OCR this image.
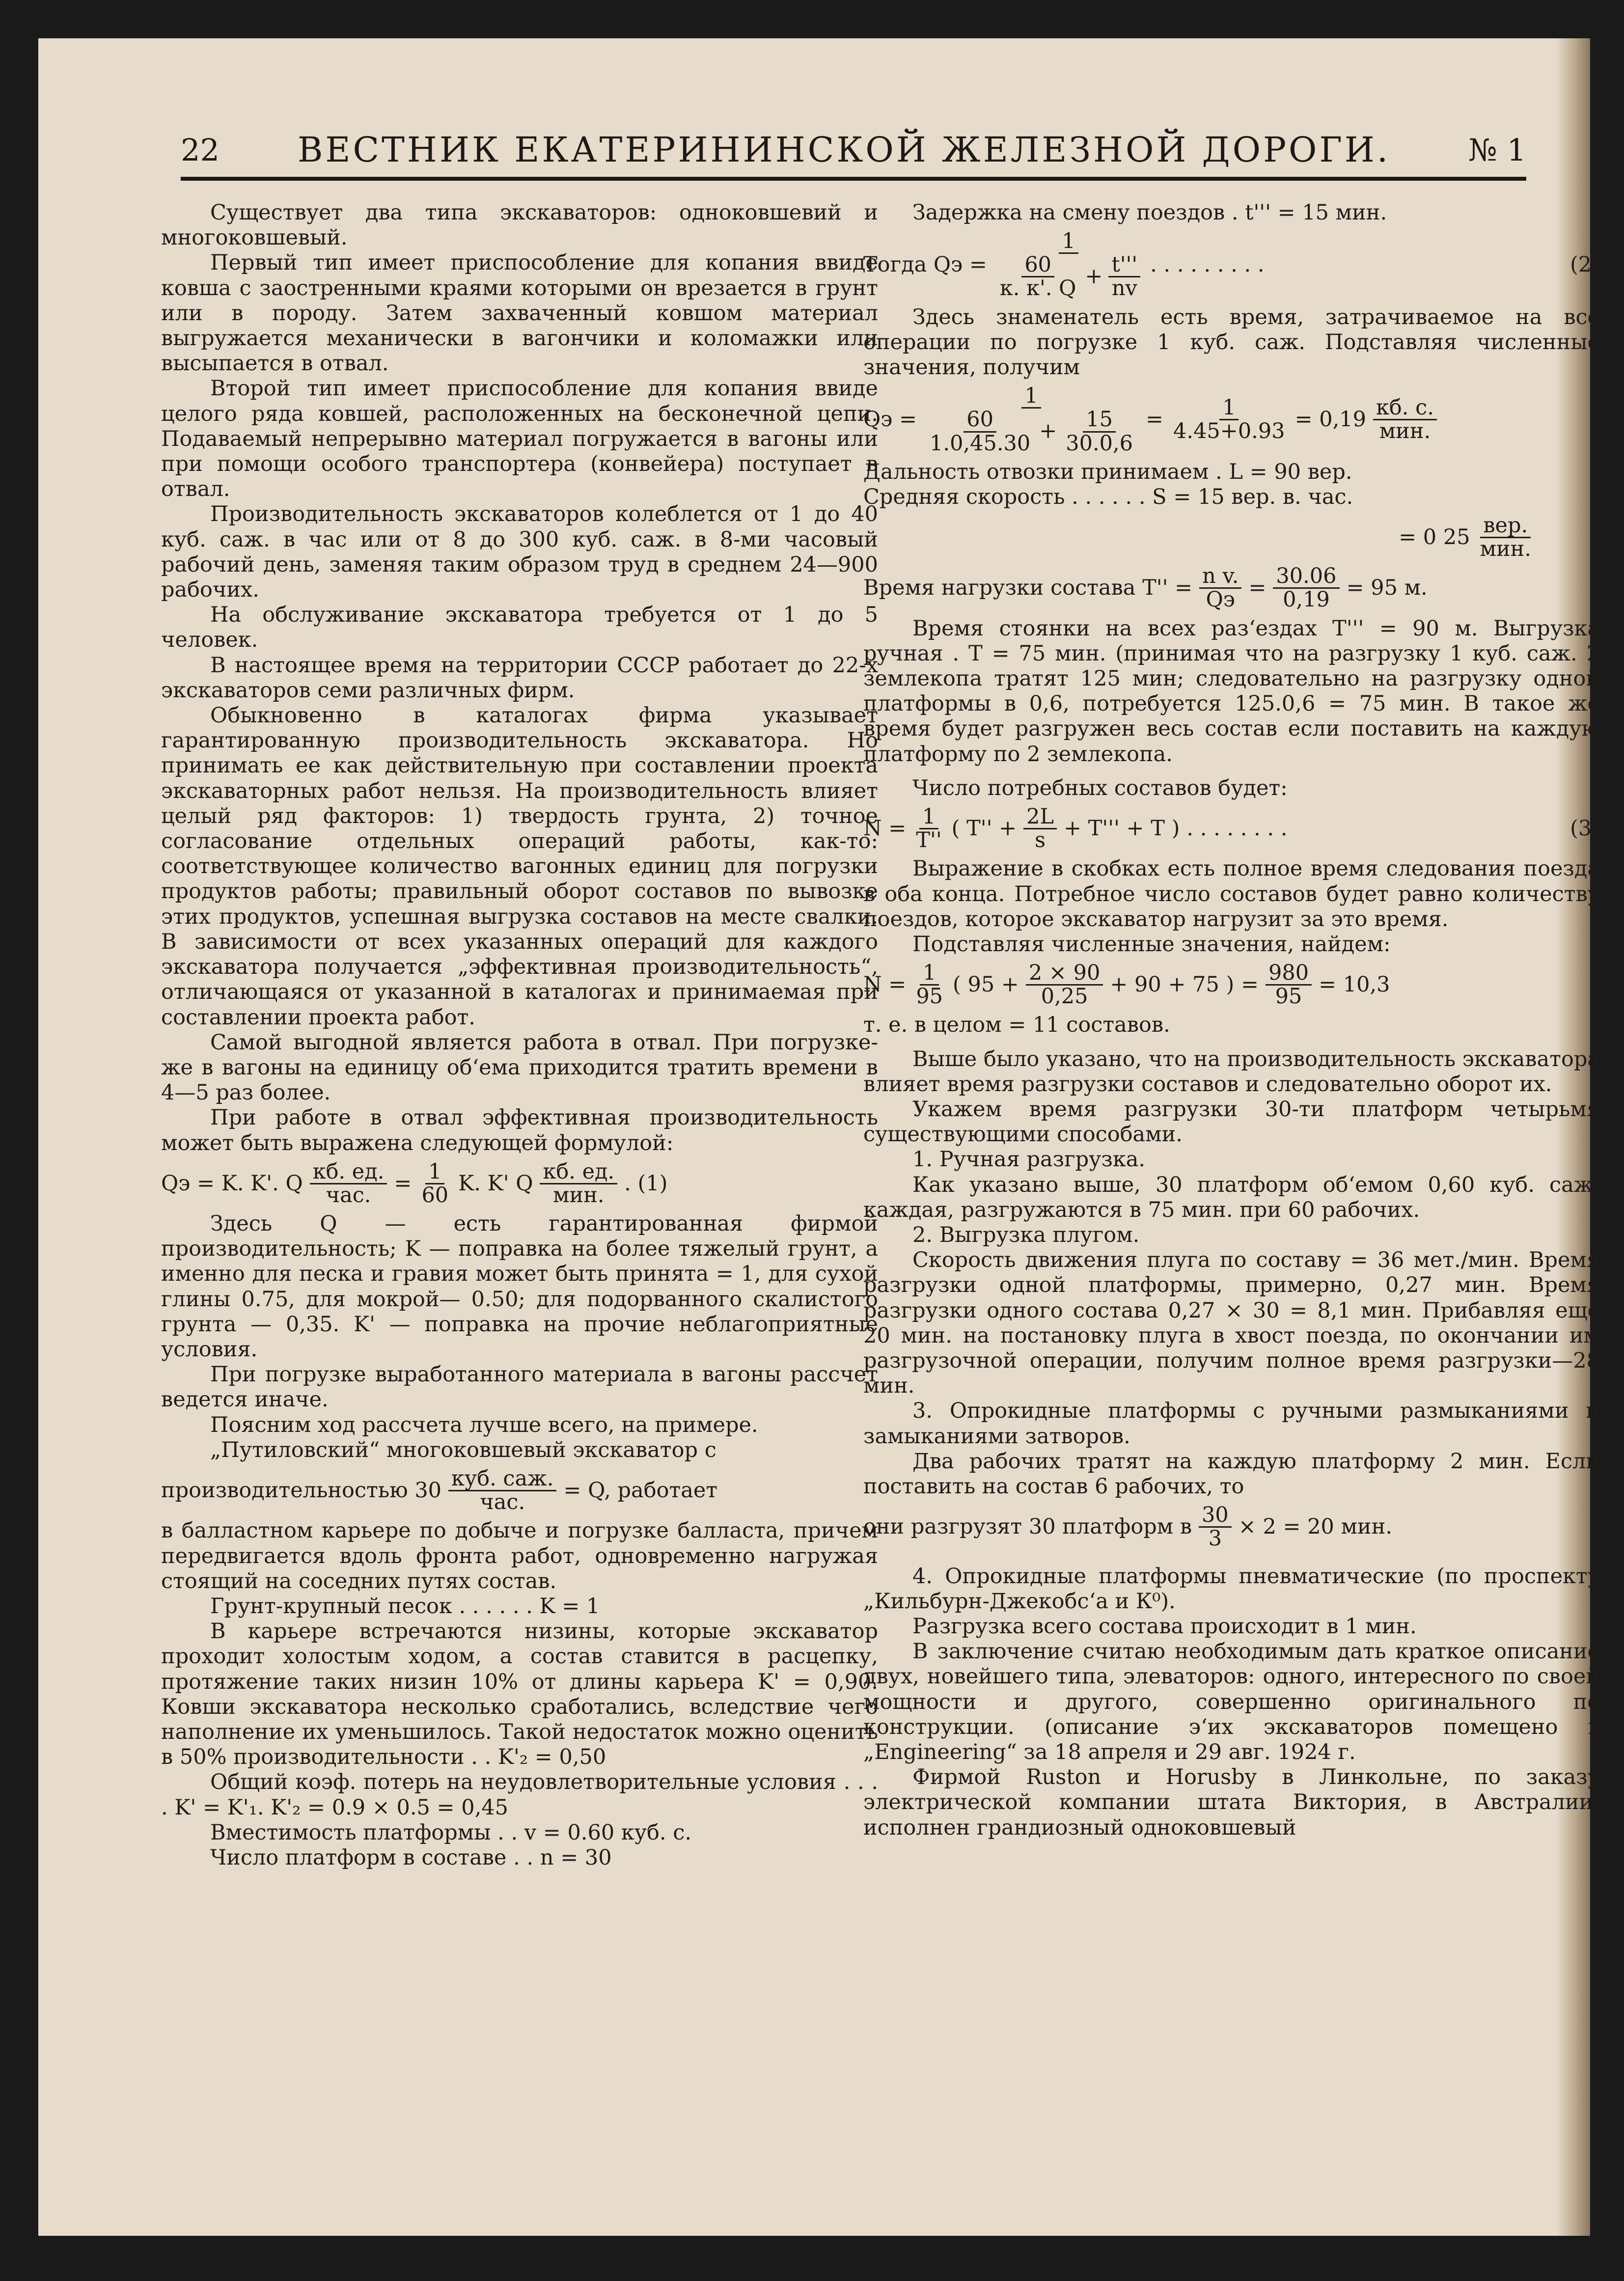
22 ВЕСТНИК ЕКАТЕРИНИНСКОЙ ЖЕЛЕЗНОЙ ДОРОГИ.	№ 1

Существует два типа экскаваторов: одноковшевий и многоковшевый.

Первый тип имеет приспособление для копания ввиде ковша с заостренными краями которыми он врезается в грунт или в породу. Затем захваченный ковшом материал выгружается механически в вагончики и коломажки или высыпается в отвал.

Второй тип имеет приспособление для копания ввиде целого ряда ковшей, расположенных на бесконечной цепи. Подаваемый непрерывно материал погружается в вагоны или при помощи особого транспортера (конвейера) поступает в отвал.

Производительность экскаваторов колеблется от 1 до 40 куб. саж. в час или от 8 до 300 куб. саж. в 8-ми часовый рабочий день, заменяя таким образом труд в среднем 24—900 рабочих.

На обслуживание экскаватора требуется от 1 до 5 человек.

В настоящее время на территории СССР работает до 22-х экскаваторов семи различных фирм.

Обыкновенно в каталогах фирма указывает гарантированную производительность экскаватора. Но принимать ее как действительную при составлении проекта экскаваторных работ нельзя. На производительность влияет целый ряд факторов: 1) твердость грунта, 2) точное согласование отдельных операций работы, как-то: соответствующее количество вагонных единиц для погрузки продуктов работы; правильный оборот составов по вывозке этих продуктов, успешная выгрузка составов на месте свалки. В зависимости от всех указанных операций для каждого экскаватора получается „эффективная производительность“, отличающаяся от указанной в каталогах и принимаемая при составлении проекта работ.

Самой выгодной является работа в отвал. При погрузке-же в вагоны на единицу об‘ема приходится тратить времени в 4—5 раз более.

При работе в отвал эффективная производительность может быть выражена следующей формулой:

Qэ = K. K'. Q $\frac{кб. ед.}{\text{час.}} = \frac{1}{60} K$. K' Q $\frac{кб. ед.}{\text{мин.}}$ . (1)

Здесь Q — есть гарантированная фирмой производительность; K — поправка на более тяжелый грунт, а именно для песка и гравия может быть принята = 1, для сухой глины 0.75, для мокрой— 0.50; для подорванного скалистого грунта — 0,35. K' — поправка на прочие неблагоприятные условия.

При погрузке выработанного материала в вагоны рассчет ведется иначе.

Поясним ход рассчета лучше всего, на примере.

„Путиловский“ многоковшевый экскаватор с

производительностью $30 \frac{\text{куб. саж.}}{\text{час.}} = Q$, работает

в балластном карьере по добыче и погрузке балласта, причем передвигается вдоль фронта работ, одновременно нагружая стоящий на соседних путях состав.

Грунт-крупный песок . . . . . . K = 1

В карьере встречаются низины, которые экскаватор проходит холостым ходом, а состав ставится в расцепку, протяжение таких низин 10% от длины карьера K' = 0,90. Ковши экскаватора несколько сработались, вследствие чего наполнение их уменьшилось. Такой недостаток можно оценить в 50% производительности . . K'₂ = 0,50

Общий коэф. потерь на неудовлетворительные условия . . . . K' = K'₁. K'₂ = 0.9 × 0.5 = 0,45

Вместимость платформы . . v = 0.60 куб. с.

Число платформ в составе . . n = 30

Задержка на смену поездов . t''' = 15 мин.

Тогда Qэ =
1
$\frac{60}{к. к'. Q} + \frac{t'''}{nv}$ . . . . . . . . .	(2)

Здесь знаменатель есть время, затрачиваемое на все операции по погрузке 1 куб. саж. Подставляя численные значения, получим

Qэ =
1
$\frac{60}{1.0,45.30} + \frac{15}{30.0,6} = \frac{1}{4.45+0.93} = 0,19 \frac{кб. с.}{\text{мин.}}$

Дальность отвозки принимаем . L = 90 вер.

Средняя скорость . . . . . . S = 15 вер. в. час.

= 0 $25 \frac{\text{вер.}}{\text{мин.}}$
Время нагрузки состава $T'' = \frac{\text{n v.}}{Qэ} = \frac{30.06}{0,19} = 95$ м.

Время стоянки на всех раз‘ездах T''' = 90 м. Выгрузка ручная . T = 75 мин. (принимая что на разгрузку 1 куб. саж. 2 землекопа тратят 125 мин; следовательно на разгрузку одной платформы в 0,6, потребуется 125.0,6 = 75 мин. В такое же время будет разгружен весь состав если поставить на каждую платформу по 2 землекопа.

Число потребных составов будет:

$N = \frac{1}{T''}$ ( $T'' + \frac{2L}{s} + T''' + T$ ) . . . . . . . .	(3)

Выражение в скобках есть полное время следования поезда в оба конца. Потребное число составов будет равно количеству поездов, которое экскаватор нагрузит за это время.

Подставляя численные значения, найдем:

$N = \frac{1}{95}$ ( $95 + \frac{2 \times 90}{0,25} + 90 + 75$ ) = $\frac{980}{95} = 10,3$

т. е. в целом = 11 составов.

Выше было указано, что на производительность экскаватора влияет время разгрузки составов и следовательно оборот их.

Укажем время разгрузки 30-ти платформ четырьмя существующими способами.

1. Ручная разгрузка.

Как указано выше, 30 платформ об‘емом 0,60 куб. саж. каждая, разгружаются в 75 мин. при 60 рабочих.

2. Выгрузка плугом.

Скорость движения плуга по составу = 36 мет./мин. Время разгрузки одной платформы, примерно, 0,27 мин. Время разгрузки одного состава 0,27 × 30 = 8,1 мин. Прибавляя еще 20 мин. на постановку плуга в хвост поезда, по окончании им разгрузочной операции, получим полное время разгрузки—28 мин.

3. Опрокидные платформы с ручными размыканиями и замыканиями затворов.

Два рабочих тратят на каждую платформу 2 мин. Если поставить на состав 6 рабочих, то

они разгрузят 30 платформ в $\frac{30}{3} \times 2 = 20$ мин.

4. Опрокидные платформы пневматические (по проспекту „Кильбурн-Джекобс‘а и К⁰).

Разгрузка всего состава происходит в 1 мин.

В заключение считаю необходимым дать краткое описание двух, новейшего типа, элеваторов: одного, интересного по своей мощности и другого, совершенно оригинального по конструкции. (описание э‘их экскаваторов помещено в „Engineering“ за 18 апреля и 29 авг. 1924 г.

Фирмой Ruston и Horusby в Линкольне, по заказу электрической компании штата Виктория, в Австралии, исполнен грандиозный одноковшевый
